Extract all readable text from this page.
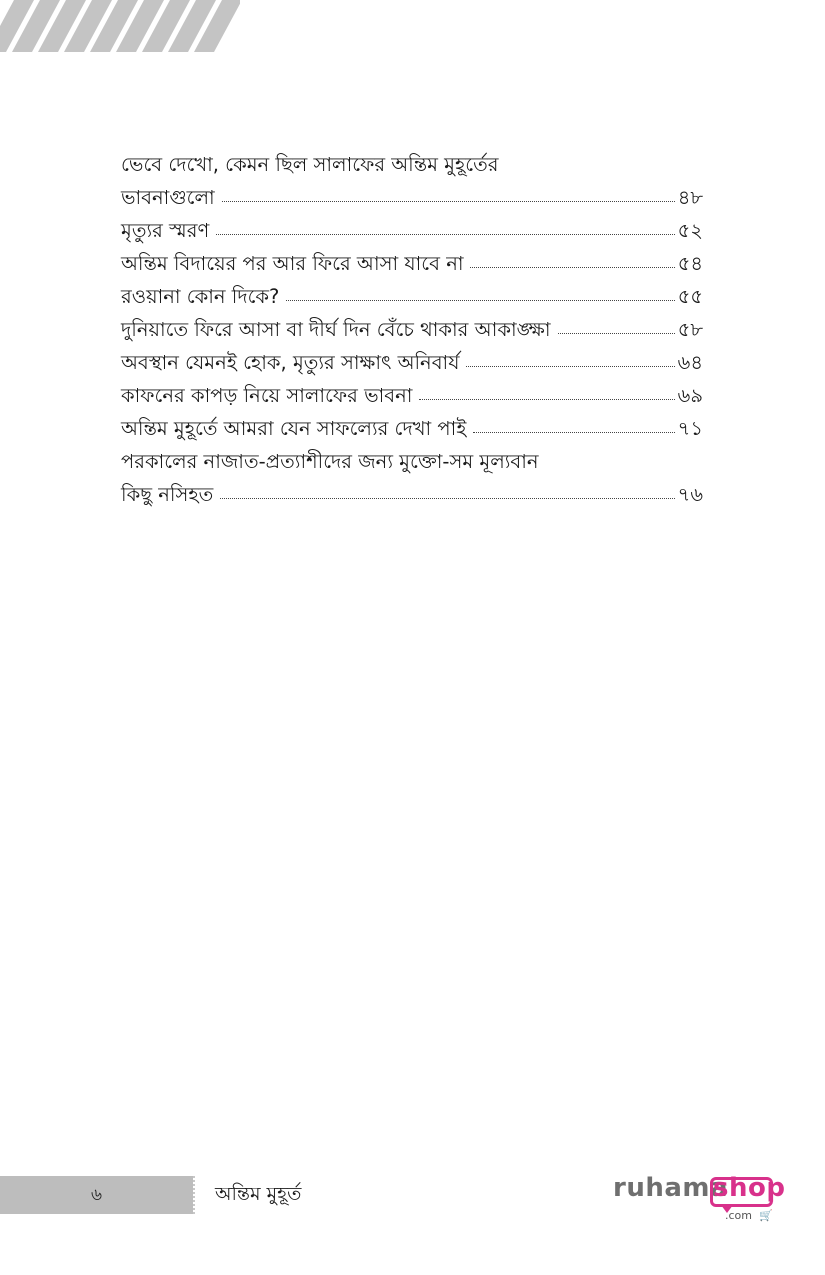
ভেবে দেখো, কেমন ছিল সালাফের অন্তিম মুহূর্তের
ভাবনাগুলো	৪৮
মৃত্যুর স্মরণ	৫২
অন্তিম বিদায়ের পর আর ফিরে আসা যাবে না	৫৪
রওয়ানা কোন দিকে?	৫৫
দুনিয়াতে ফিরে আসা বা দীর্ঘ দিন বেঁচে থাকার আকাঙ্ক্ষা	৫৮
অবস্থান যেমনই হোক, মৃত্যুর সাক্ষাৎ অনিবার্য	৬৪
কাফনের কাপড় নিয়ে সালাফের ভাবনা	৬৯
অন্তিম মুহূর্তে আমরা যেন সাফল্যের দেখা পাই	৭১
পরকালের নাজাত-প্রত্যাশীদের জন্য মুক্তো-সম মূল্যবান
কিছু নসিহত	৭৬
৬	অন্তিম মুহূর্ত	ruhama
shop
.com 🛒
